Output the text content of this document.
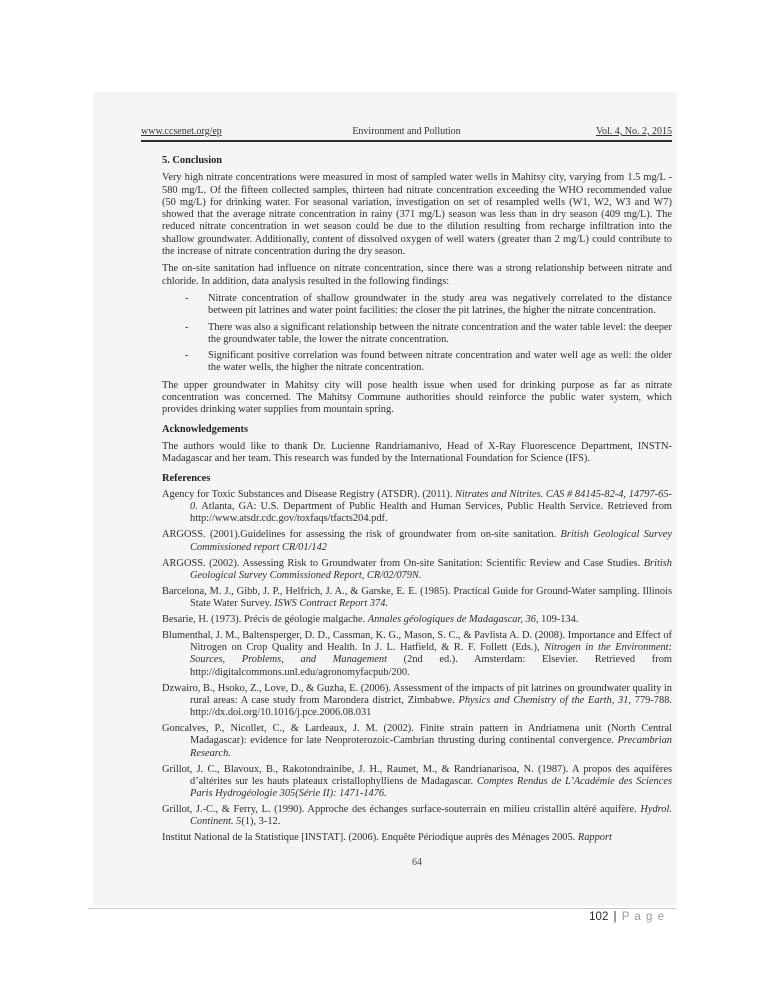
www.ccsenet.org/ep	Environment and Pollution	Vol. 4, No. 2, 2015

5. Conclusion

Very high nitrate concentrations were measured in most of sampled water wells in Mahitsy city, varying from 1.5 mg/L - 580 mg/L. Of the fifteen collected samples, thirteen had nitrate concentration exceeding the WHO recommended value (50 mg/L) for drinking water. For seasonal variation, investigation on set of resampled wells (W1, W2, W3 and W7) showed that the average nitrate concentration in rainy (371 mg/L) season was less than in dry season (409 mg/L). The reduced nitrate concentration in wet season could be due to the dilution resulting from recharge infiltration into the shallow groundwater. Additionally, content of dissolved oxygen of well waters (greater than 2 mg/L) could contribute to the increase of nitrate concentration during the dry season.

The on-site sanitation had influence on nitrate concentration, since there was a strong relationship between nitrate and chloride. In addition, data analysis resulted in the following findings:

-	Nitrate concentration of shallow groundwater in the study area was negatively correlated to the distance between pit latrines and water point facilities: the closer the pit latrines, the higher the nitrate concentration.
-	There was also a significant relationship between the nitrate concentration and the water table level: the deeper the groundwater table, the lower the nitrate concentration.
-	Significant positive correlation was found between nitrate concentration and water well age as well: the older the water wells, the higher the nitrate concentration.

The upper groundwater in Mahitsy city will pose health issue when used for drinking purpose as far as nitrate concentration was concerned. The Mahitsy Commune authorities should reinforce the public water system, which provides drinking water supplies from mountain spring.

Acknowledgements

The authors would like to thank Dr. Lucienne Randriamanivo, Head of X-Ray Fluorescence Department, INSTN-Madagascar and her team. This research was funded by the International Foundation for Science (IFS).

References

Agency for Toxic Substances and Disease Registry (ATSDR). (2011). Nitrates and Nitrites. CAS # 84145-82-4, 14797-65-0. Atlanta, GA: U.S. Department of Public Health and Human Services, Public Health Service. Retrieved from http://www.atsdr.cdc.gov/toxfaqs/tfacts204.pdf.

ARGOSS. (2001).Guidelines for assessing the risk of groundwater from on-site sanitation. British Geological Survey Commissioned report CR/01/142

ARGOSS. (2002). Assessing Risk to Groundwater from On-site Sanitation: Scientific Review and Case Studies. British Geological Survey Commissioned Report, CR/02/079N.

Barcelona, M. J., Gibb, J. P., Helfrich, J. A., & Garske, E. E. (1985). Practical Guide for Ground-Water sampling. Illinois State Water Survey. ISWS Contract Report 374.

Besarie, H. (1973). Précis de géologie malgache. Annales géologiques de Madagascar, 36, 109-134.

Blumenthal, J. M., Baltensperger, D. D., Cassman, K. G., Mason, S. C., & Pavlista A. D. (2008). Importance and Effect of Nitrogen on Crop Quality and Health. In J. L. Hatfield, & R. F. Follett (Eds.), Nitrogen in the Environment: Sources, Problems, and Management (2nd ed.). Amsterdam: Elsevier. Retrieved from http://digitalcommons.unl.edu/agronomyfacpub/200.

Dzwairo, B., Hsoko, Z., Love, D., & Guzha, E. (2006). Assessment of the impacts of pit latrines on groundwater quality in rural areas: A case study from Marondera district, Zimbabwe. Physics and Chemistry of the Earth, 31, 779-788. http://dx.doi.org/10.1016/j.pce.2006.08.031

Goncalves, P., Nicollet, C., & Lardeaux, J. M. (2002). Finite strain pattern in Andriamena unit (North Central Madagascar): evidence for late Neoproterozoic-Cambrian thrusting during continental convergence. Precambrian Research.

Grillot, J. C., Blavoux, B., Rakotondrainibe, J. H., Raunet, M., & Randrianarisoa, N. (1987). A propos des aquifères d’altérites sur les hauts plateaux cristallophylliens de Madagascar. Comptes Rendus de L’Académie des Sciences Paris Hydrogéologie 305(Série II): 1471-1476.

Grillot, J.-C., & Ferry, L. (1990). Approche des échanges surface-souterrain en milieu cristallin altéré aquifère. Hydrol. Continent. 5(1), 3-12.

Institut National de la Statistique [INSTAT]. (2006). Enquête Périodique auprès des Ménages 2005. Rapport

64

102 | P a g e
